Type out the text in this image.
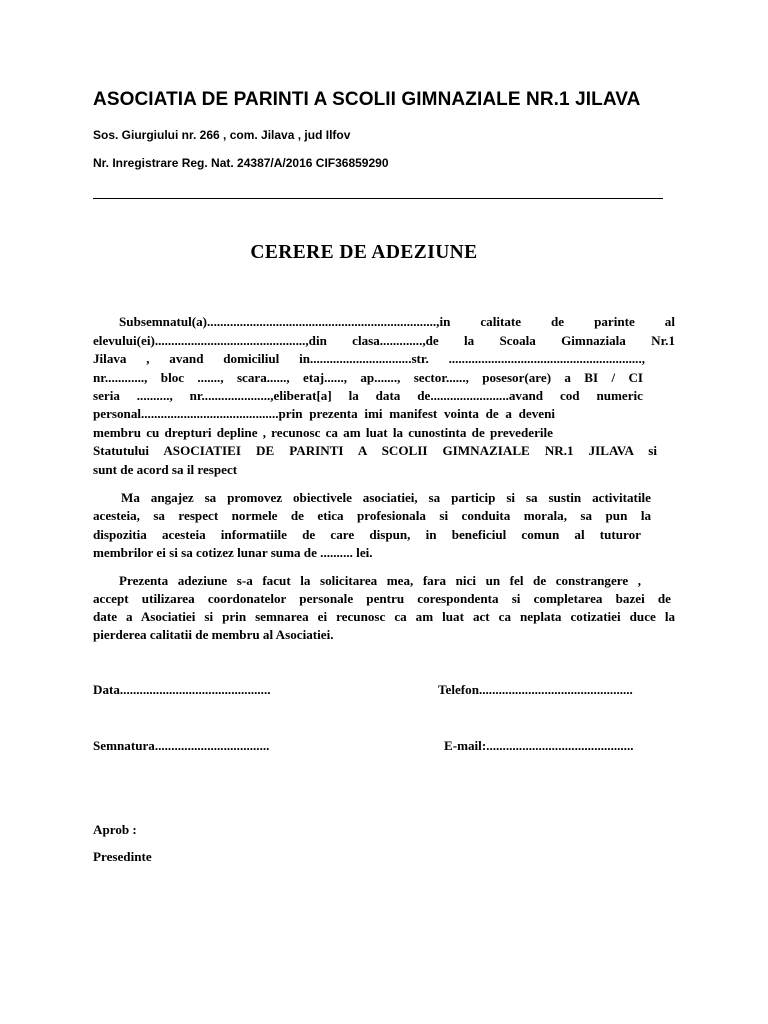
ASOCIATIA DE PARINTI A SCOLII GIMNAZIALE NR.1 JILAVA
Sos. Giurgiului nr. 266 , com. Jilava , jud Ilfov
Nr. Inregistrare Reg. Nat. 24387/A/2016 CIF36859290
CERERE DE ADEZIUNE
Subsemnatul(a)......................................................................,in calitate de parinte al
elevului(ei)..............................................,din clasa.............,de la Scoala Gimnaziala Nr.1
Jilava , avand domiciliul in...............................str. ...........................................................,
nr............, bloc ......., scara......, etaj......, ap......., sector......, posesor(are) a BI / CI
seria .........., nr.....................,eliberat[a] la data de........................avand cod numeric
personal..........................................prin prezenta imi manifest vointa de a deveni
membru cu drepturi depline , recunosc ca am luat la cunostinta de prevederile
Statutului ASOCIATIEI DE PARINTI A SCOLII GIMNAZIALE NR.1 JILAVA si
sunt de acord sa il respect
Ma angajez sa promovez obiectivele asociatiei, sa particip si sa sustin activitatile
acesteia, sa respect normele de etica profesionala si conduita morala, sa pun la
dispozitia acesteia informatiile de care dispun, in beneficiul comun al tuturor
membrilor ei si sa cotizez lunar suma de .......... lei.
Prezenta adeziune s-a facut la solicitarea mea, fara nici un fel de constrangere ,
accept utilizarea coordonatelor personale pentru corespondenta si completarea bazei de
date a Asociatiei si prin semnarea ei recunosc ca am luat act ca neplata cotizatiei duce la
pierderea calitatii de membru al Asociatiei.
Data..............................................	Telefon...............................................
Semnatura...................................	E-mail:.............................................
Aprob :
Presedinte
